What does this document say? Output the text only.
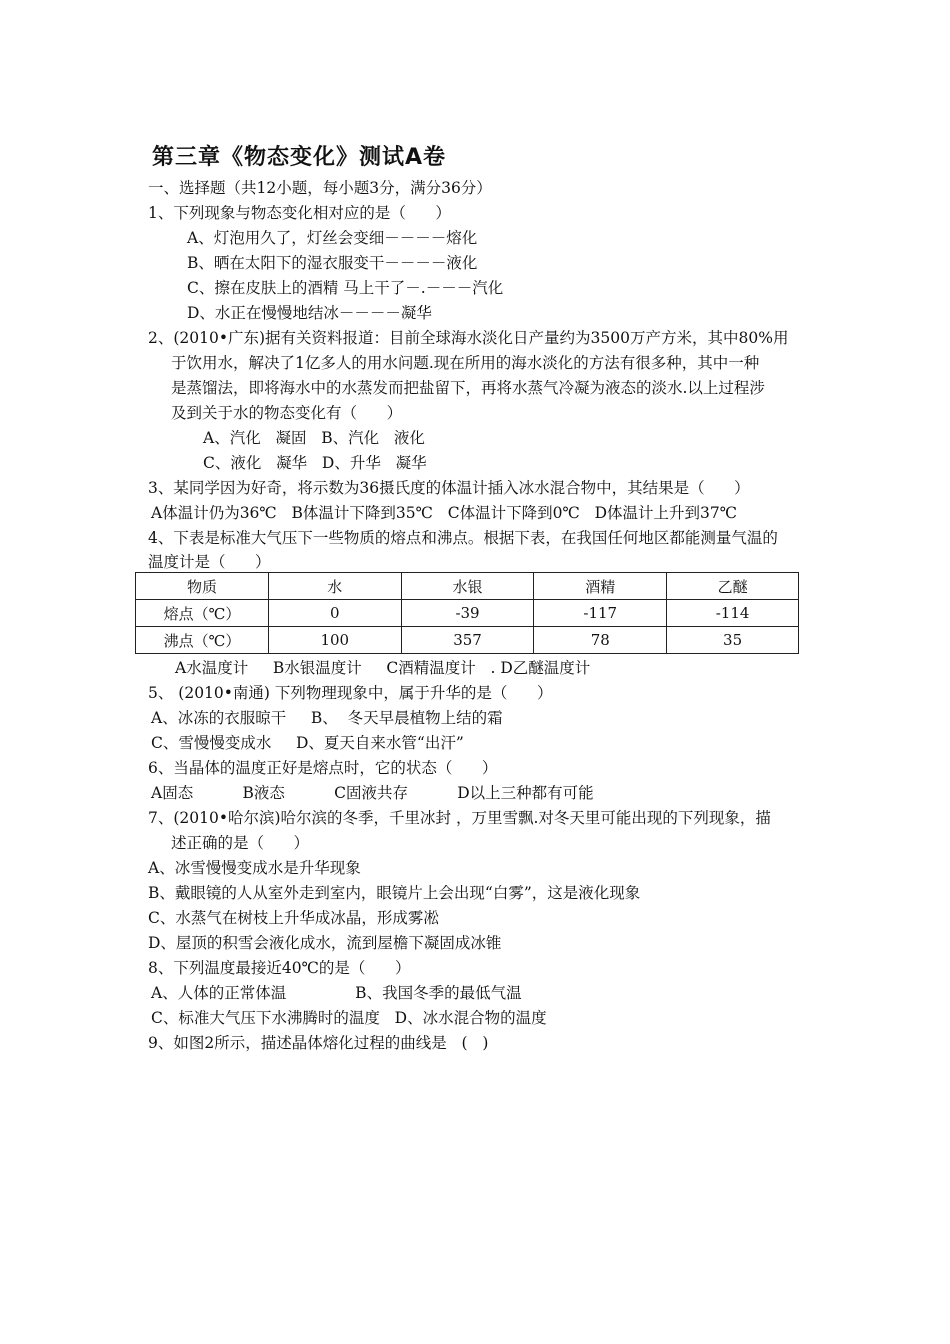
第三章《物态变化》测试A卷
一、选择题（共12小题，每小题3分，满分36分）
1、下列现象与物态变化相对应的是（      ）
A、灯泡用久了，灯丝会变细－－－－熔化
B、晒在太阳下的湿衣服变干－－－－液化
C、擦在皮肤上的酒精 马上干了－.－－－汽化
D、水正在慢慢地结冰－－－－凝华
2、(2010•广东)据有关资料报道：目前全球海水淡化日产量约为3500万产方米，其中80%用
于饮用水，解决了1亿多人的用水问题.现在所用的海水淡化的方法有很多种，其中一种
是蒸馏法，即将海水中的水蒸发而把盐留下，再将水蒸气冷凝为液态的淡水.以上过程涉
及到关于水的物态变化有（      ）
A、汽化   凝固   B、汽化   液化
C、液化   凝华   D、升华   凝华
3、某同学因为好奇，将示数为36摄氏度的体温计插入冰水混合物中，其结果是（      ）
A体温计仍为36℃   B体温计下降到35℃   C体温计下降到0℃   D体温计上升到37℃
4、下表是标准大气压下一些物质的熔点和沸点。根据下表，在我国任何地区都能测量气温的
温度计是（      ）
物质	水	水银	酒精	乙醚
熔点（℃）	0	-39	-117	-114
沸点（℃）	100	357	78	35
A水温度计     B水银温度计     C酒精温度计   . D乙醚温度计
5、 (2010•南通) 下列物理现象中，属于升华的是（      ）
A、冰冻的衣服晾干     B、  冬天早晨植物上结的霜
C、雪慢慢变成水     D、夏天自来水管“出汗”
6、当晶体的温度正好是熔点时，它的状态（      ）
A固态          B液态          C固液共存          D以上三种都有可能
7、(2010•哈尔滨)哈尔滨的冬季，千里冰封 ，万里雪飘.对冬天里可能出现的下列现象，描
述正确的是（      ）
A、冰雪慢慢变成水是升华现象
B、戴眼镜的人从室外走到室内，眼镜片上会出现“白雾”，这是液化现象
C、水蒸气在树枝上升华成冰晶，形成雾凇
D、屋顶的积雪会液化成水，流到屋檐下凝固成冰锥
8、下列温度最接近40℃的是（      ）
A、人体的正常体温              B、我国冬季的最低气温
C、标准大气压下水沸腾时的温度   D、冰水混合物的温度
9、如图2所示，描述晶体熔化过程的曲线是   (   )
